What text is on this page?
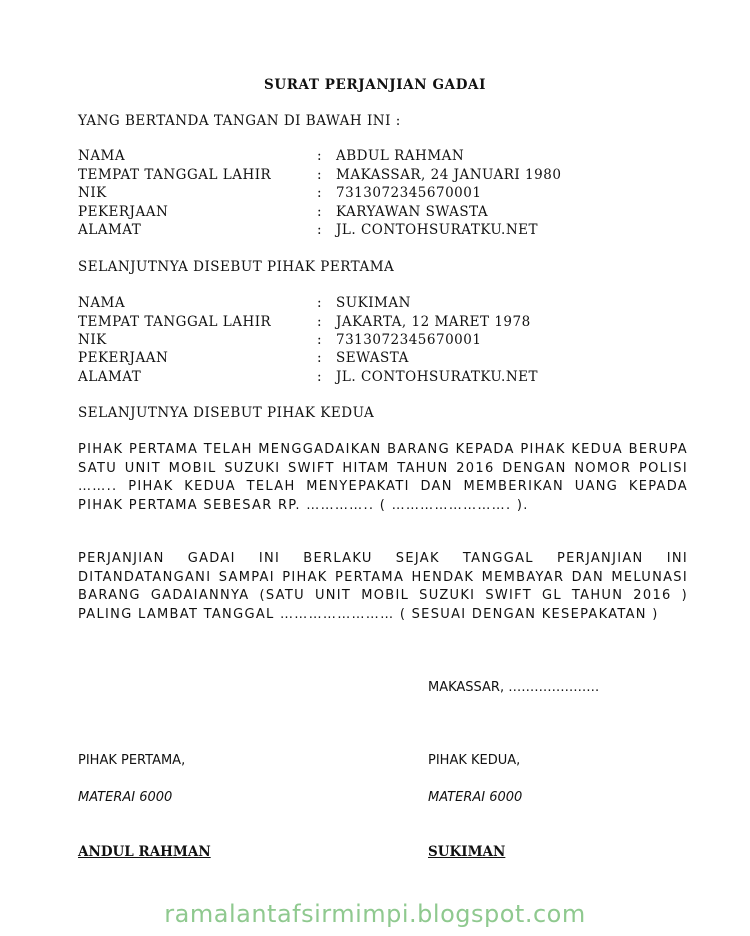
SURAT PERJANJIAN GADAI
YANG BERTANDA TANGAN DI BAWAH INI :
NAMA	: ABDUL RAHMAN
TEMPAT TANGGAL LAHIR	: MAKASSAR, 24 JANUARI 1980
NIK	: 7313072345670001
PEKERJAAN	: KARYAWAN SWASTA
ALAMAT	: JL. CONTOHSURATKU.NET
SELANJUTNYA DISEBUT PIHAK PERTAMA
NAMA	: SUKIMAN
TEMPAT TANGGAL LAHIR	: JAKARTA, 12 MARET 1978
NIK	: 7313072345670001
PEKERJAAN	: SEWASTA
ALAMAT	: JL. CONTOHSURATKU.NET
SELANJUTNYA DISEBUT PIHAK KEDUA
PIHAK PERTAMA TELAH MENGGADAIKAN BARANG KEPADA PIHAK KEDUA BERUPA SATU UNIT MOBIL SUZUKI SWIFT HITAM TAHUN 2016 DENGAN NOMOR POLISI …….. PIHAK KEDUA TELAH MENYEPAKATI DAN MEMBERIKAN UANG KEPADA PIHAK PERTAMA SEBESAR RP. ………….. ( ……………………. ).
PERJANJIAN GADAI INI BERLAKU SEJAK TANGGAL PERJANJIAN INI DITANDATANGANI SAMPAI PIHAK PERTAMA HENDAK MEMBAYAR DAN MELUNASI BARANG GADAIANNYA (SATU UNIT MOBIL SUZUKI SWIFT GL TAHUN 2016 ) PALING LAMBAT TANGGAL …………………… ( SESUAI DENGAN KESEPAKATAN )
MAKASSAR, …………………
PIHAK PERTAMA,
MATERAI 6000
ANDUL RAHMAN
PIHAK KEDUA,
MATERAI 6000
SUKIMAN
ramalantafsirmimpi.blogspot.com
